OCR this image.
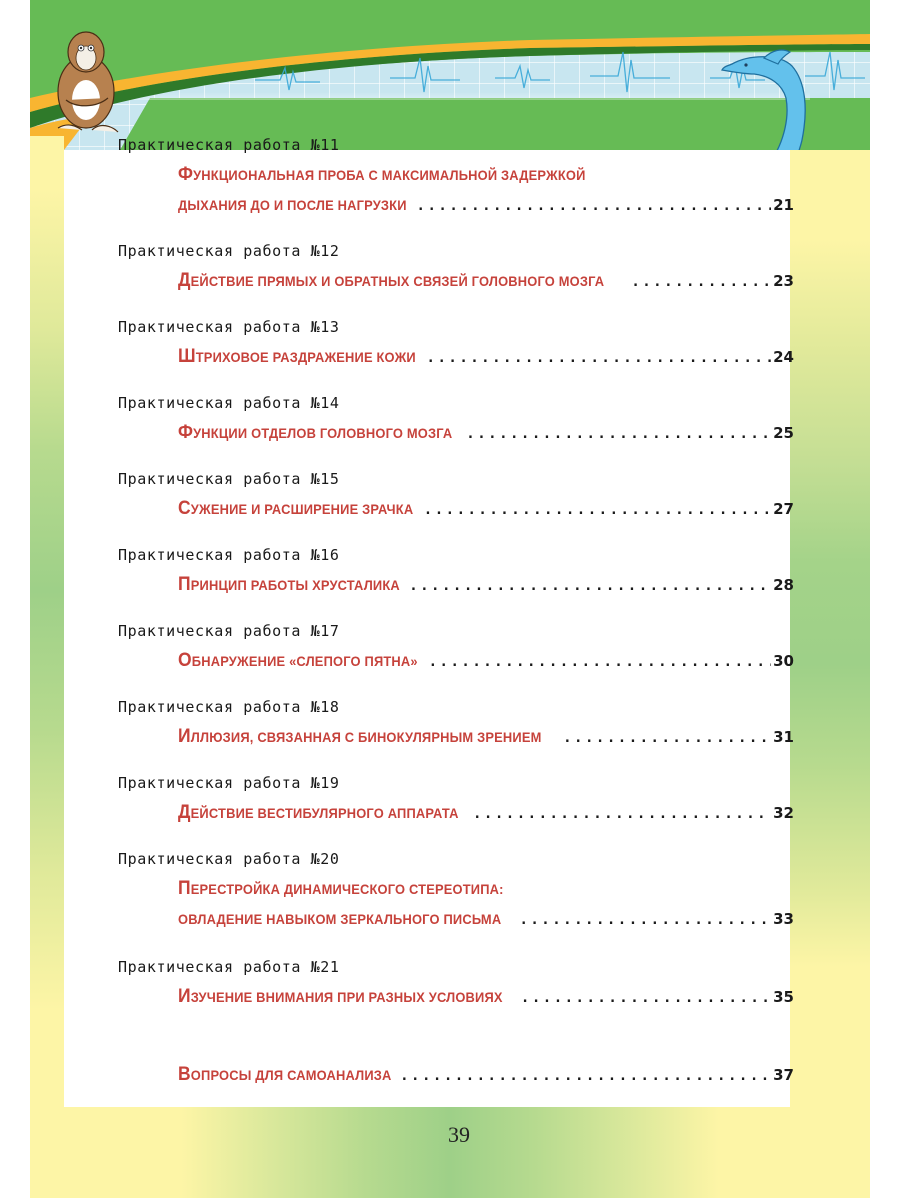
Практическая работа №11
ФУНКЦИОНАЛЬНАЯ ПРОБА С МАКСИМАЛЬНОЙ ЗАДЕРЖКОЙ
ДЫХАНИЯ ДО И ПОСЛЕ НАГРУЗКИ .....	21
Практическая работа №12
ДЕЙСТВИЕ ПРЯМЫХ И ОБРАТНЫХ СВЯЗЕЙ ГОЛОВНОГО МОЗГА .....	23
Практическая работа №13
ШТРИХОВОЕ РАЗДРАЖЕНИЕ КОЖИ .....	24
Практическая работа №14
ФУНКЦИИ ОТДЕЛОВ ГОЛОВНОГО МОЗГА .....	25
Практическая работа №15
СУЖЕНИЕ И РАСШИРЕНИЕ ЗРАЧКА .....	27
Практическая работа №16
ПРИНЦИП РАБОТЫ ХРУСТАЛИКА .....	28
Практическая работа №17
ОБНАРУЖЕНИЕ «СЛЕПОГО ПЯТНА» .....	30
Практическая работа №18
ИЛЛЮЗИЯ, СВЯЗАННАЯ С БИНОКУЛЯРНЫМ ЗРЕНИЕМ .....	31
Практическая работа №19
ДЕЙСТВИЕ ВЕСТИБУЛЯРНОГО АППАРАТА .....	32
Практическая работа №20
ПЕРЕСТРОЙКА ДИНАМИЧЕСКОГО СТЕРЕОТИПА:
ОВЛАДЕНИЕ НАВЫКОМ ЗЕРКАЛЬНОГО ПИСЬМА .....	33
Практическая работа №21
ИЗУЧЕНИЕ ВНИМАНИЯ ПРИ РАЗНЫХ УСЛОВИЯХ .....	35
ВОПРОСЫ ДЛЯ САМОАНАЛИЗА .....	37
39
